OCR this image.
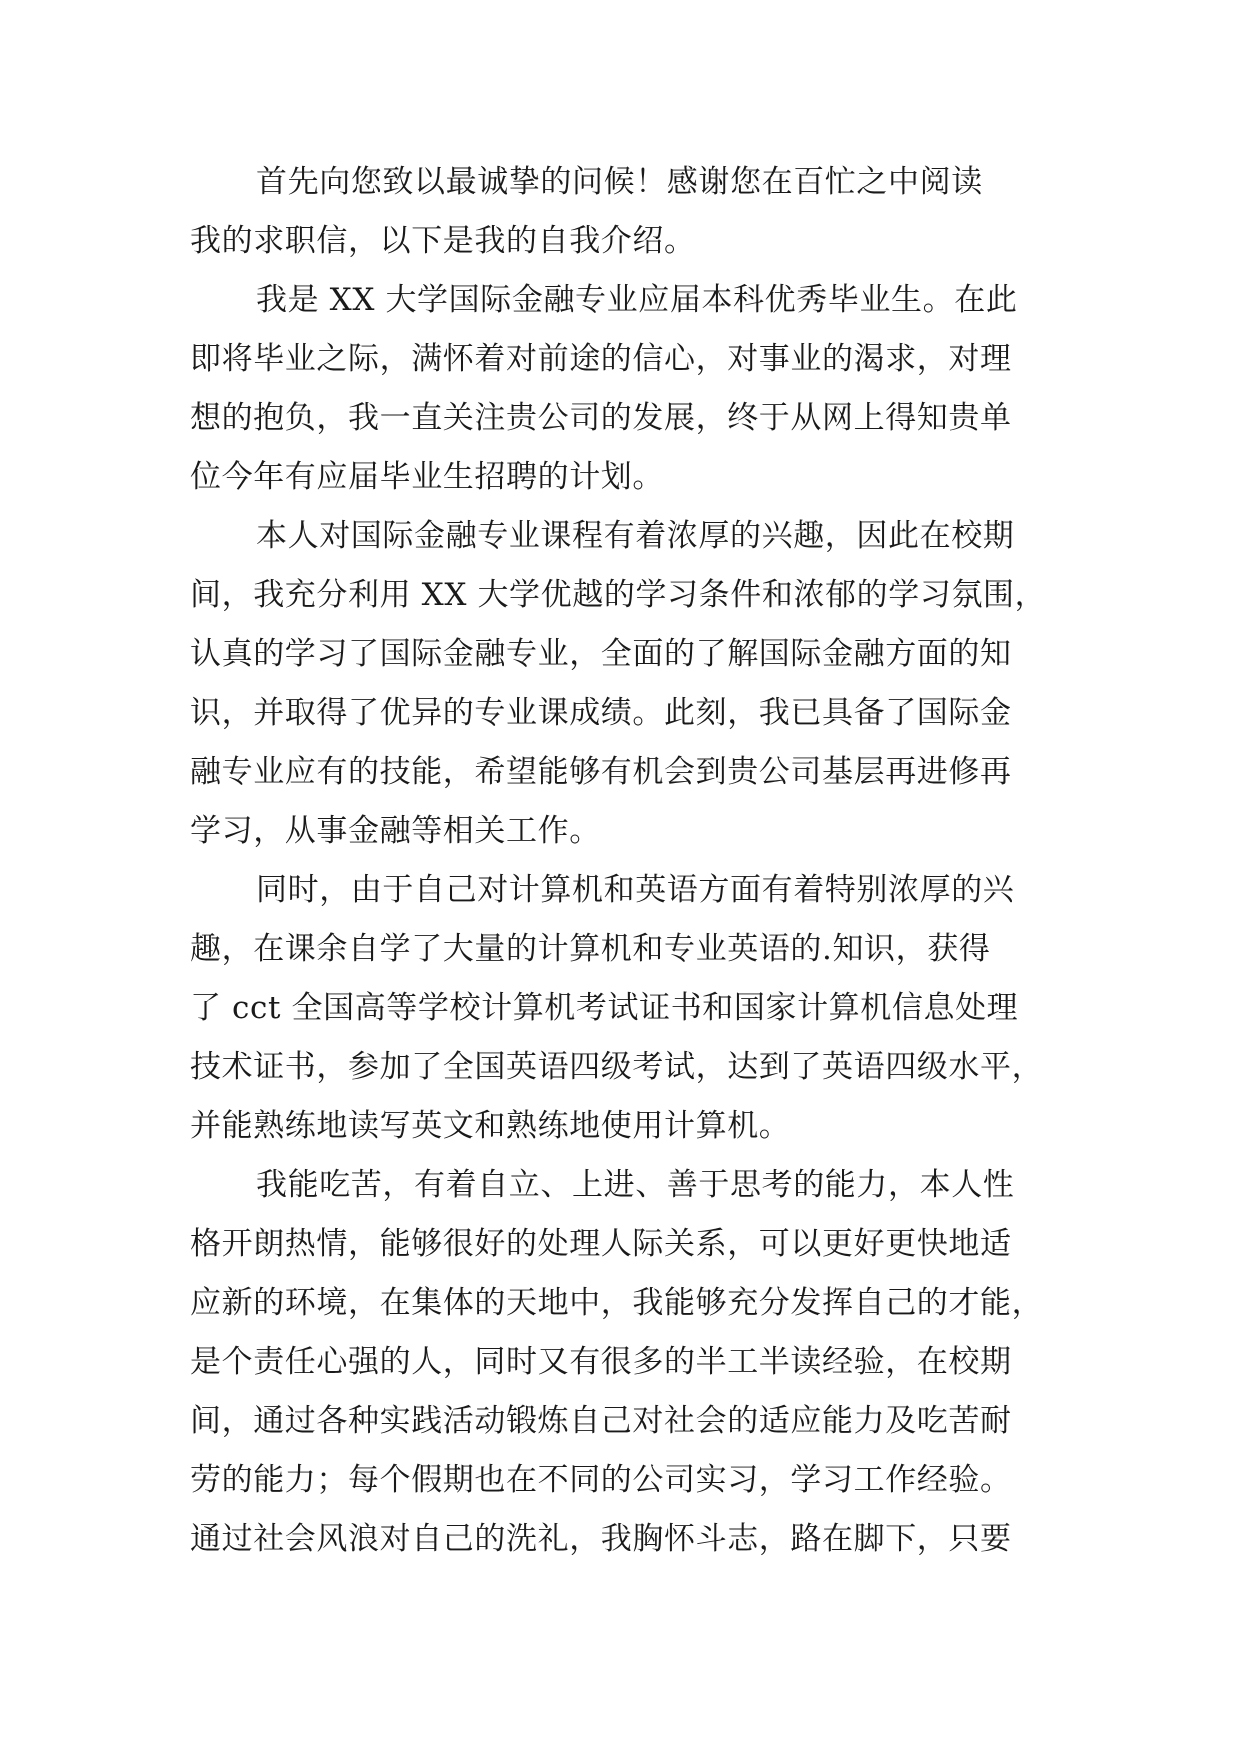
首先向您致以最诚挚的问候！感谢您在百忙之中阅读
我的求职信，以下是我的自我介绍。
我是 XX 大学国际金融专业应届本科优秀毕业生。在此
即将毕业之际，满怀着对前途的信心，对事业的渴求，对理
想的抱负，我一直关注贵公司的发展，终于从网上得知贵单
位今年有应届毕业生招聘的计划。
本人对国际金融专业课程有着浓厚的兴趣，因此在校期
间，我充分利用 XX 大学优越的学习条件和浓郁的学习氛围，
认真的学习了国际金融专业，全面的了解国际金融方面的知
识，并取得了优异的专业课成绩。此刻，我已具备了国际金
融专业应有的技能，希望能够有机会到贵公司基层再进修再
学习，从事金融等相关工作。
同时，由于自己对计算机和英语方面有着特别浓厚的兴
趣，在课余自学了大量的计算机和专业英语的.知识，获得
了 cct 全国高等学校计算机考试证书和国家计算机信息处理
技术证书，参加了全国英语四级考试，达到了英语四级水平，
并能熟练地读写英文和熟练地使用计算机。
我能吃苦，有着自立、上进、善于思考的能力，本人性
格开朗热情，能够很好的处理人际关系，可以更好更快地适
应新的环境，在集体的天地中，我能够充分发挥自己的才能，
是个责任心强的人，同时又有很多的半工半读经验，在校期
间，通过各种实践活动锻炼自己对社会的适应能力及吃苦耐
劳的能力；每个假期也在不同的公司实习，学习工作经验。
通过社会风浪对自己的洗礼，我胸怀斗志，路在脚下，只要
